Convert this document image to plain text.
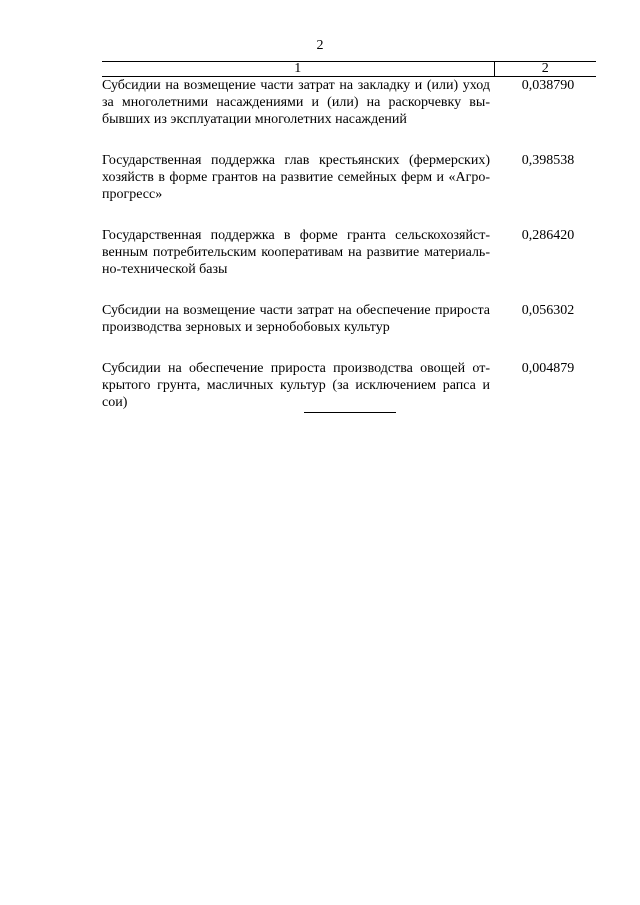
2
1	2
Субсидии на возмещение части затрат на закладку и (или) уход за многолетними насаждениями и (или) на раскорчевку выбывших из эксплуатации многолетних насаждений	0,038790

Государственная поддержка глав крестьянских (фермерских) хозяйств в форме грантов на развитие семейных ферм и «Агропрогресс»	0,398538

Государственная поддержка в форме гранта сельскохозяйственным потребительским кооперативам на развитие материально-технической базы	0,286420

Субсидии на возмещение части затрат на обеспечение прироста производства зерновых и зернобобовых культур	0,056302

Субсидии на обеспечение прироста производства овощей открытого грунта, масличных культур (за исключением рапса и сои)	0,004879
